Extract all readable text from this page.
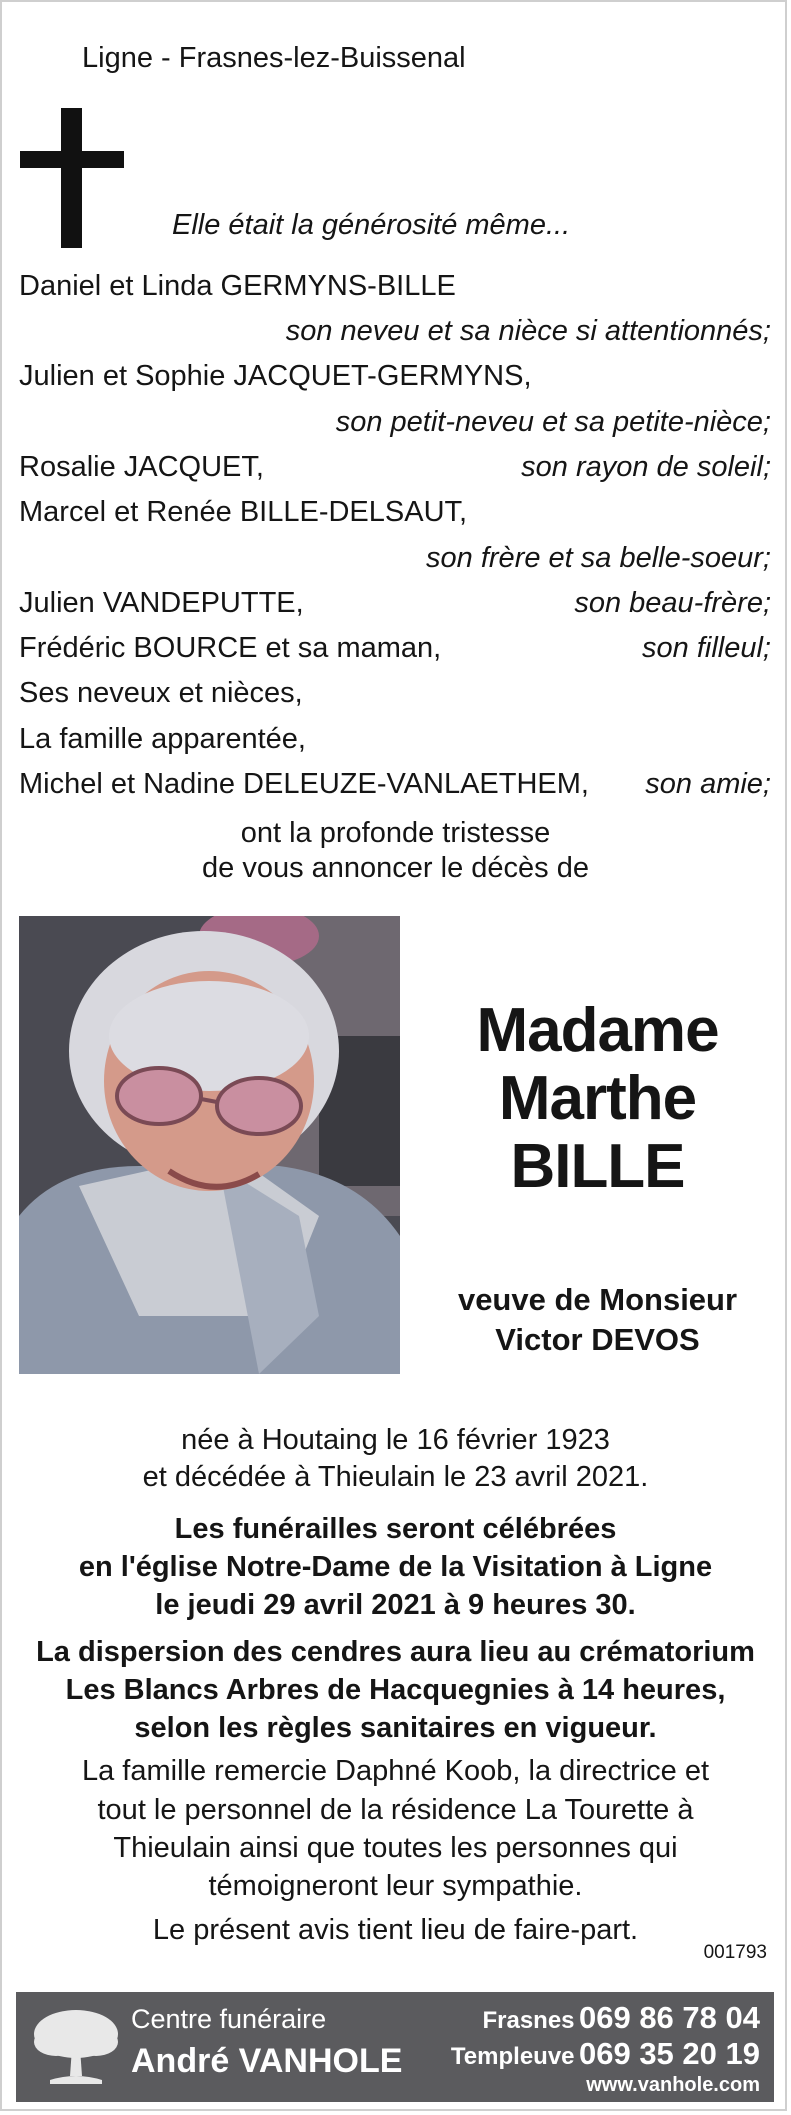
Ligne - Frasnes-lez-Buissenal
Elle était la générosité même...
Daniel et Linda GERMYNS-BILLE
son neveu et sa nièce si attentionnés;
Julien et Sophie JACQUET-GERMYNS,
son petit-neveu et sa petite-nièce;
Rosalie JACQUET,	son rayon de soleil;
Marcel et Renée BILLE-DELSAUT,
son frère et sa belle-soeur;
Julien VANDEPUTTE,	son beau-frère;
Frédéric BOURCE et sa maman,	son filleul;
Ses neveux et nièces,
La famille apparentée,
Michel et Nadine DELEUZE-VANLAETHEM, son amie;
ont la profonde tristesse
de vous annoncer le décès de
Madame
Marthe
BILLE
veuve de Monsieur
Victor DEVOS
née à Houtaing le 16 février 1923
et décédée à Thieulain le 23 avril 2021.
Les funérailles seront célébrées
en l'église Notre-Dame de la Visitation à Ligne
le jeudi 29 avril 2021 à 9 heures 30.
La dispersion des cendres aura lieu au crématorium
Les Blancs Arbres de Hacquegnies à 14 heures,
selon les règles sanitaires en vigueur.
La famille remercie Daphné Koob, la directrice et
tout le personnel de la résidence La Tourette à
Thieulain ainsi que toutes les personnes qui
témoigneront leur sympathie.
Le présent avis tient lieu de faire-part.
001793
Centre funéraire
André VANHOLE
Frasnes 069 86 78 04
Templeuve 069 35 20 19
www.vanhole.com
